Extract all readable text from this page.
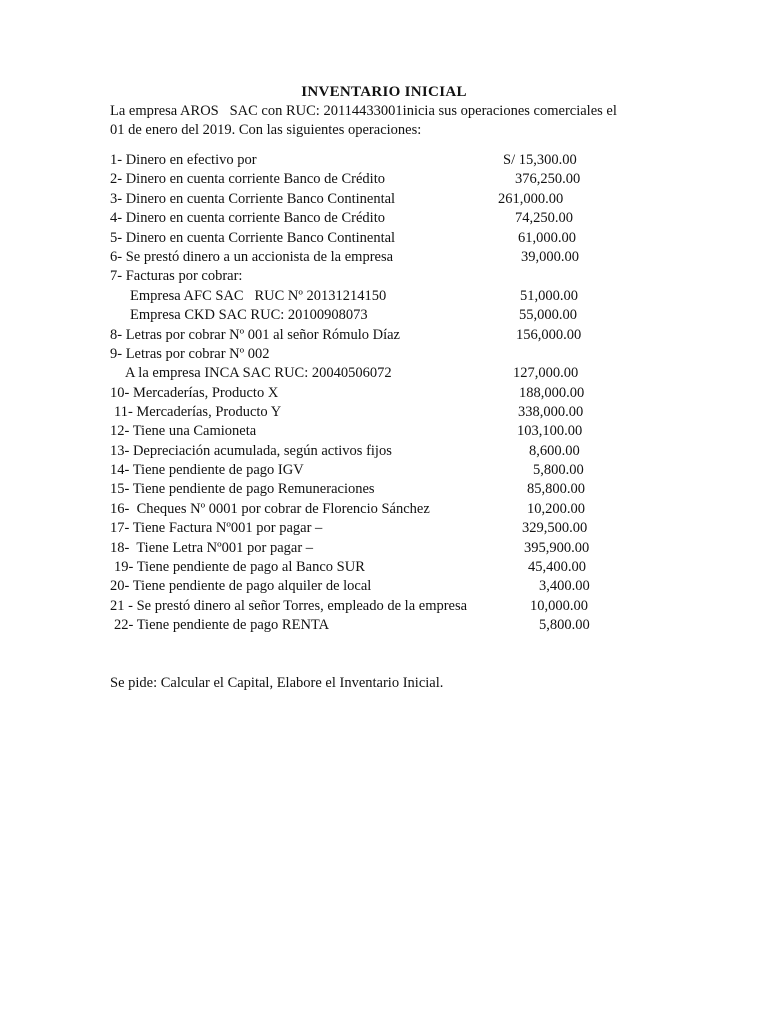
INVENTARIO INICIAL
La empresa AROS   SAC con RUC: 20114433001inicia sus operaciones comerciales el
01 de enero del 2019. Con las siguientes operaciones:
1- Dinero en efectivo por	S/ 15,300.00
2- Dinero en cuenta corriente Banco de Crédito	376,250.00
3- Dinero en cuenta Corriente Banco Continental	261,000.00
4- Dinero en cuenta corriente Banco de Crédito	74,250.00
5- Dinero en cuenta Corriente Banco Continental	61,000.00
6- Se prestó dinero a un accionista de la empresa	39,000.00
7- Facturas por cobrar:
Empresa AFC SAC   RUC Nº 20131214150	51,000.00
Empresa CKD SAC RUC: 20100908073	55,000.00
8- Letras por cobrar Nº 001 al señor Rómulo Díaz	156,000.00
9- Letras por cobrar Nº 002
A la empresa INCA SAC RUC: 20040506072	127,000.00
10- Mercaderías, Producto X	188,000.00
11- Mercaderías, Producto Y	338,000.00
12- Tiene una Camioneta	103,100.00
13- Depreciación acumulada, según activos fijos	8,600.00
14- Tiene pendiente de pago IGV	5,800.00
15- Tiene pendiente de pago Remuneraciones	85,800.00
16-  Cheques Nº 0001 por cobrar de Florencio Sánchez	10,200.00
17- Tiene Factura Nº001 por pagar –	329,500.00
18-  Tiene Letra Nº001 por pagar –	395,900.00
19- Tiene pendiente de pago al Banco SUR	45,400.00
20- Tiene pendiente de pago alquiler de local	3,400.00
21 - Se prestó dinero al señor Torres, empleado de la empresa	10,000.00
22- Tiene pendiente de pago RENTA	5,800.00
Se pide: Calcular el Capital, Elabore el Inventario Inicial.
